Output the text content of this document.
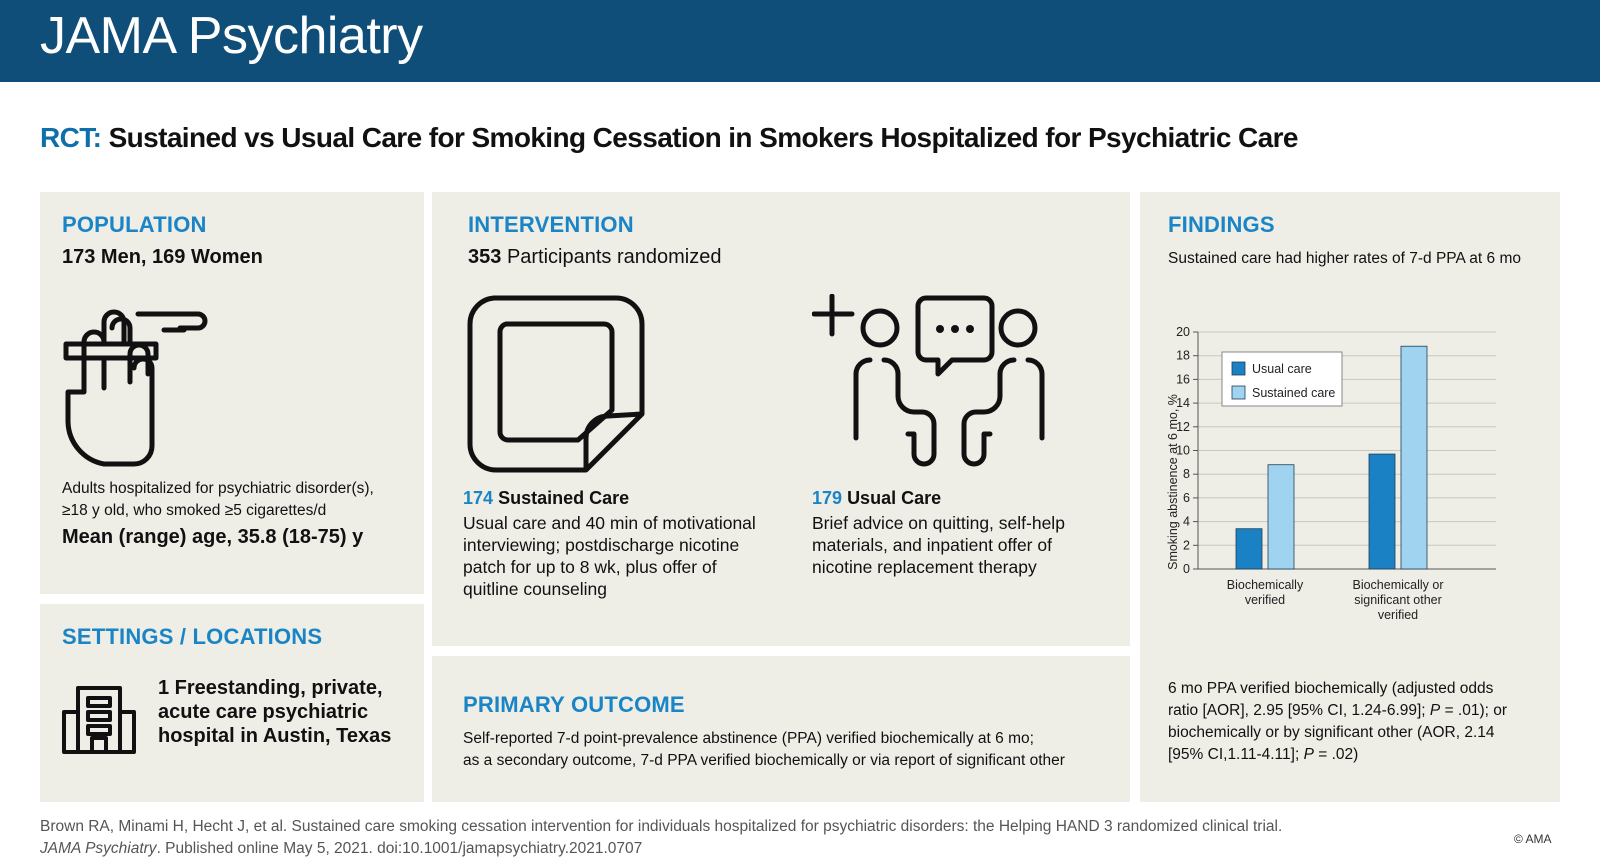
JAMA Psychiatry
RCT: Sustained vs Usual Care for Smoking Cessation in Smokers Hospitalized for Psychiatric Care
POPULATION
173 Men, 169 Women
Adults hospitalized for psychiatric disorder(s),
≥18 y old, who smoked ≥5 cigarettes/d
Mean (range) age, 35.8 (18-75) y
SETTINGS / LOCATIONS
1 Freestanding, private,
acute care psychiatric
hospital in Austin, Texas
INTERVENTION
353 Participants randomized
174 Sustained Care
Usual care and 40 min of motivational
interviewing; postdischarge nicotine
patch for up to 8 wk, plus offer of
quitline counseling
179 Usual Care
Brief advice on quitting, self-help
materials, and inpatient offer of
nicotine replacement therapy
PRIMARY OUTCOME
Self-reported 7-d point-prevalence abstinence (PPA) verified biochemically at 6 mo;
as a secondary outcome, 7-d PPA verified biochemically or via report of significant other
FINDINGS
Sustained care had higher rates of 7-d PPA at 6 mo
0
2
4
6
8
10
12
14
16
18
20
Biochemically
verified
Biochemically or
significant other
verified
Usual care
Sustained care
Smoking abstinence at 6 mo, %
6 mo PPA verified biochemically (adjusted odds
ratio [AOR], 2.95 [95% CI, 1.24-6.99]; P = .01); or
biochemically or by significant other (AOR, 2.14
[95% CI,1.11-4.11]; P = .02)
Brown RA, Minami H, Hecht J, et al. Sustained care smoking cessation intervention for individuals hospitalized for psychiatric disorders: the Helping HAND 3 randomized clinical trial.
JAMA Psychiatry. Published online May 5, 2021. doi:10.1001/jamapsychiatry.2021.0707
© AMA
